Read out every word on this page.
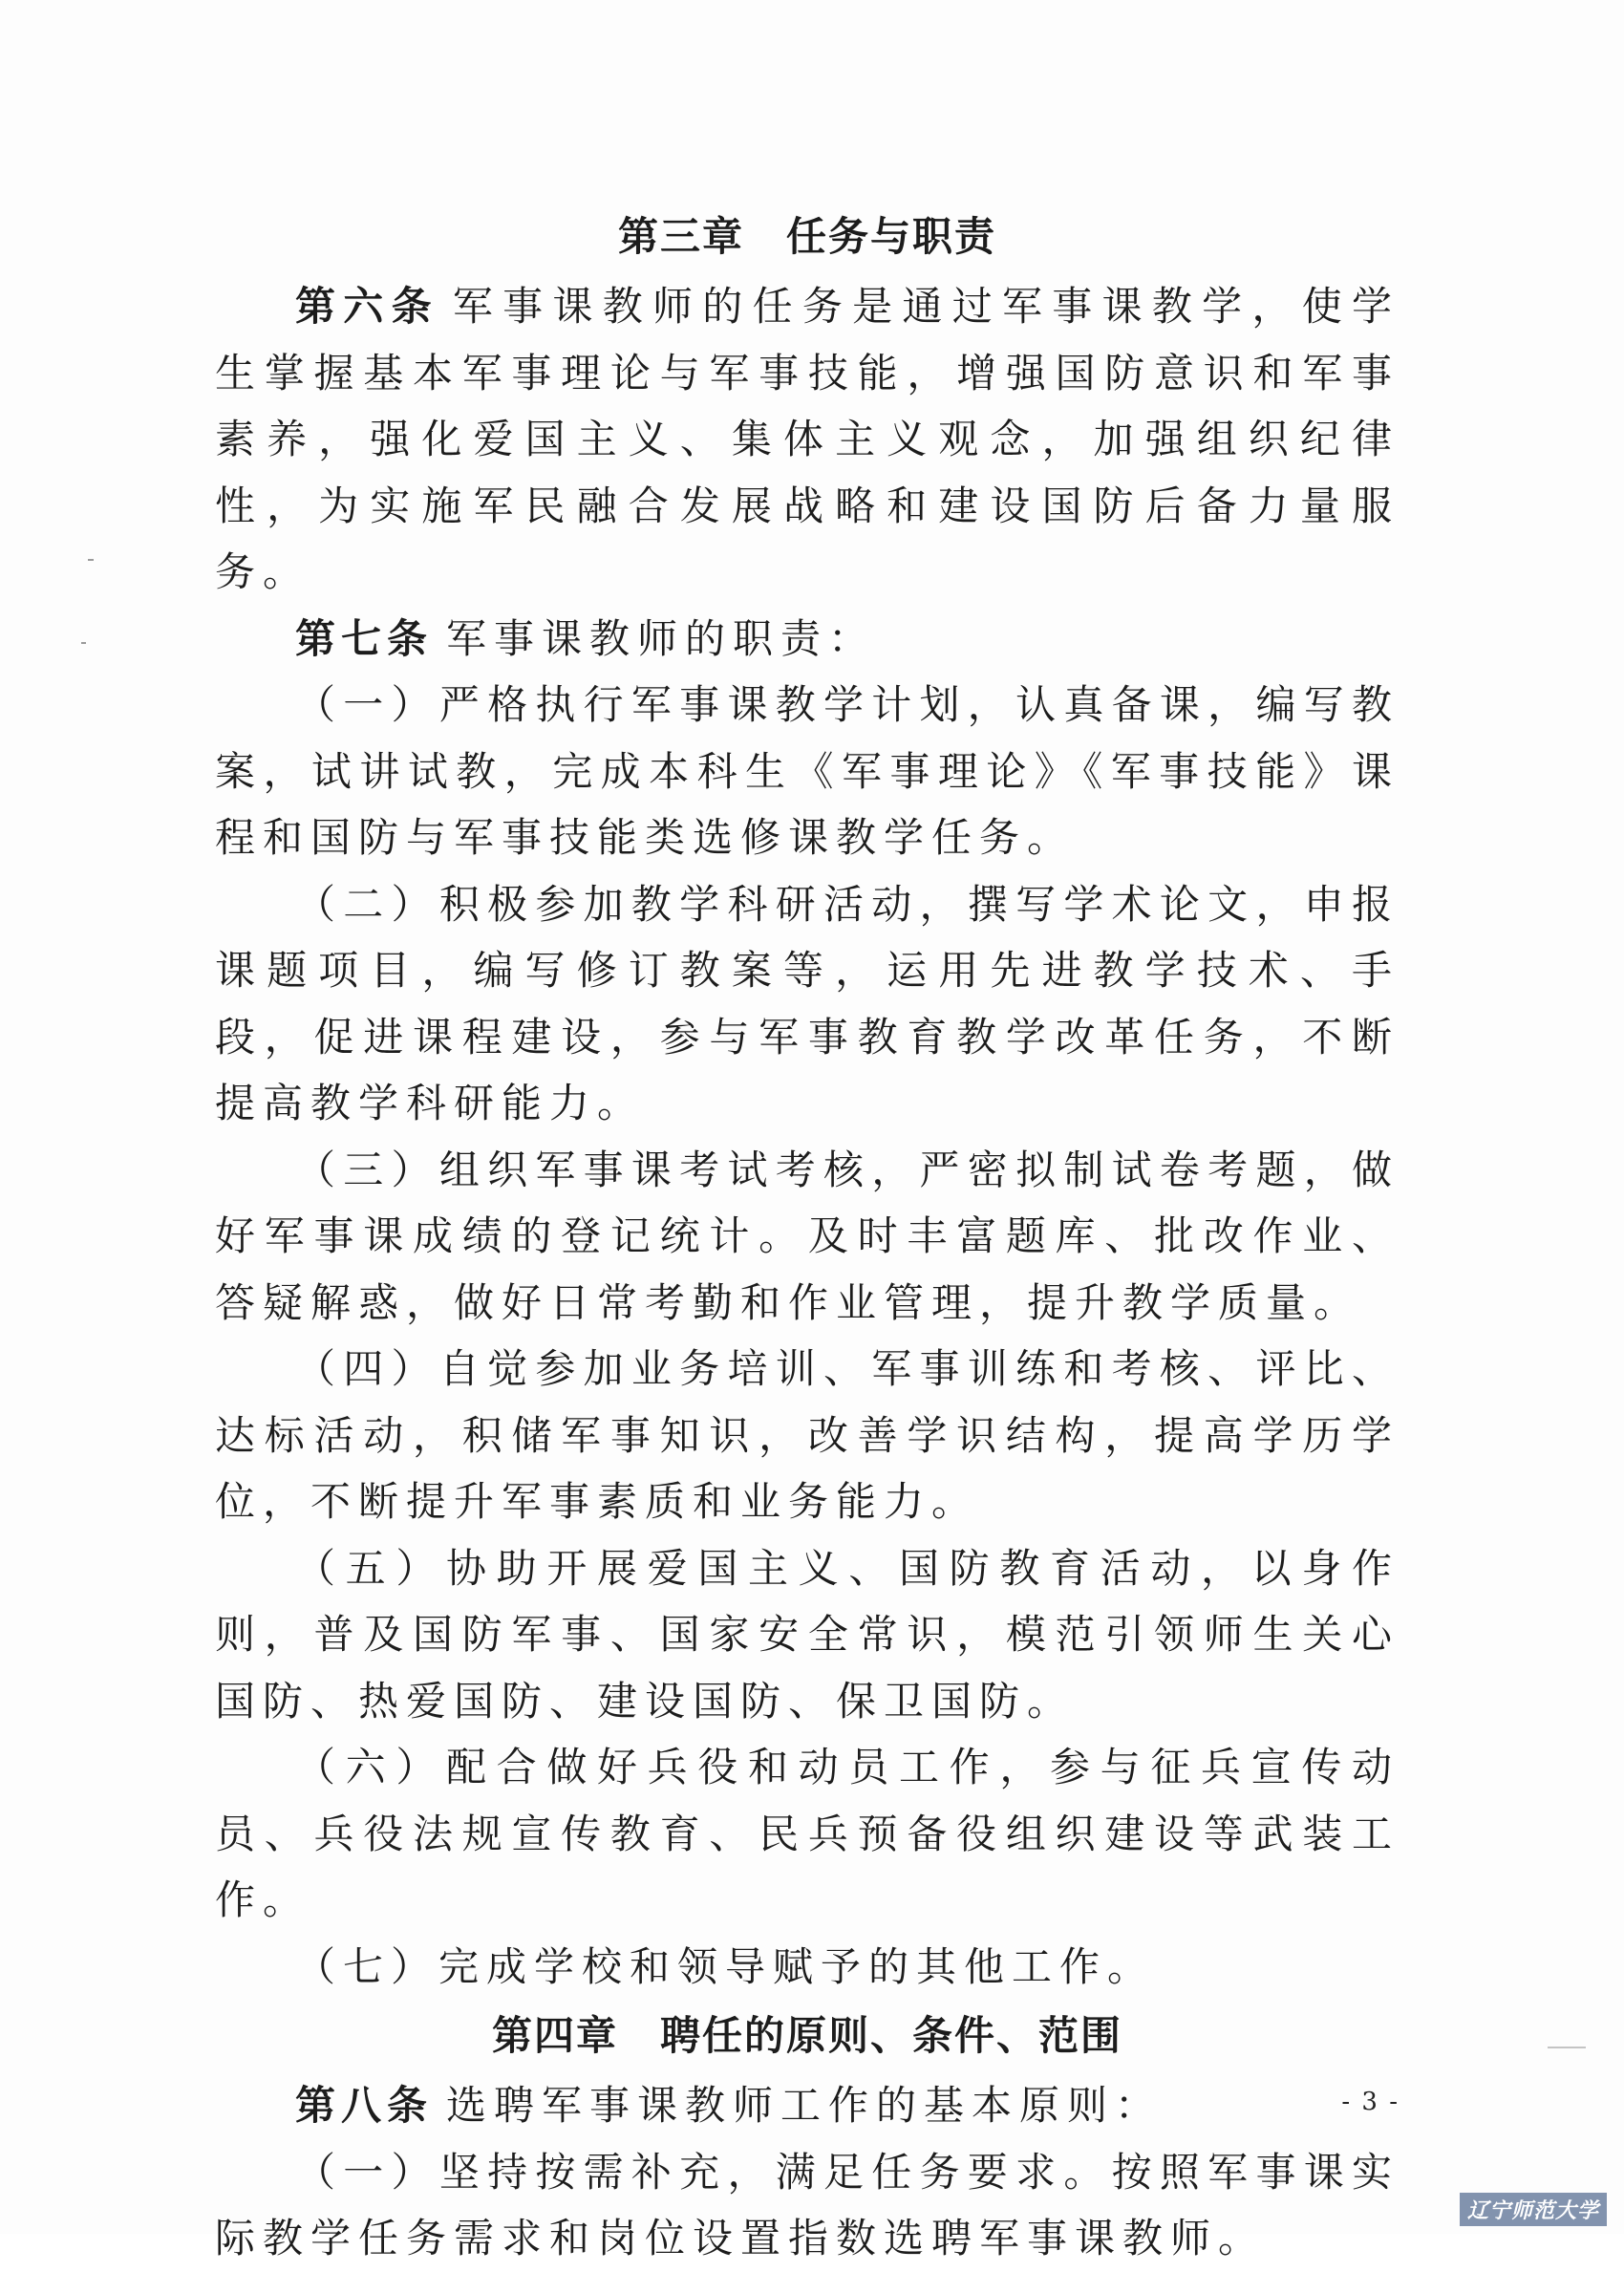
第三章　任务与职责

第六条 军事课教师的任务是通过军事课教学，使学生掌握基本军事理论与军事技能，增强国防意识和军事素养，强化爱国主义、集体主义观念，加强组织纪律性，为实施军民融合发展战略和建设国防后备力量服务。

第七条 军事课教师的职责：

（一）严格执行军事课教学计划，认真备课，编写教案，试讲试教，完成本科生《军事理论》《军事技能》课程和国防与军事技能类选修课教学任务。

（二）积极参加教学科研活动，撰写学术论文，申报课题项目，编写修订教案等，运用先进教学技术、手段，促进课程建设，参与军事教育教学改革任务，不断提高教学科研能力。

（三）组织军事课考试考核，严密拟制试卷考题，做好军事课成绩的登记统计。及时丰富题库、批改作业、答疑解惑，做好日常考勤和作业管理，提升教学质量。

（四）自觉参加业务培训、军事训练和考核、评比、达标活动，积储军事知识，改善学识结构，提高学历学位，不断提升军事素质和业务能力。

（五）协助开展爱国主义、国防教育活动，以身作则，普及国防军事、国家安全常识，模范引领师生关心国防、热爱国防、建设国防、保卫国防。

（六）配合做好兵役和动员工作，参与征兵宣传动员、兵役法规宣传教育、民兵预备役组织建设等武装工作。

（七）完成学校和领导赋予的其他工作。

第四章　聘任的原则、条件、范围

第八条 选聘军事课教师工作的基本原则：

（一）坚持按需补充，满足任务要求。按照军事课实际教学任务需求和岗位设置指数选聘军事课教师。

- 3 -
辽宁师范大学
